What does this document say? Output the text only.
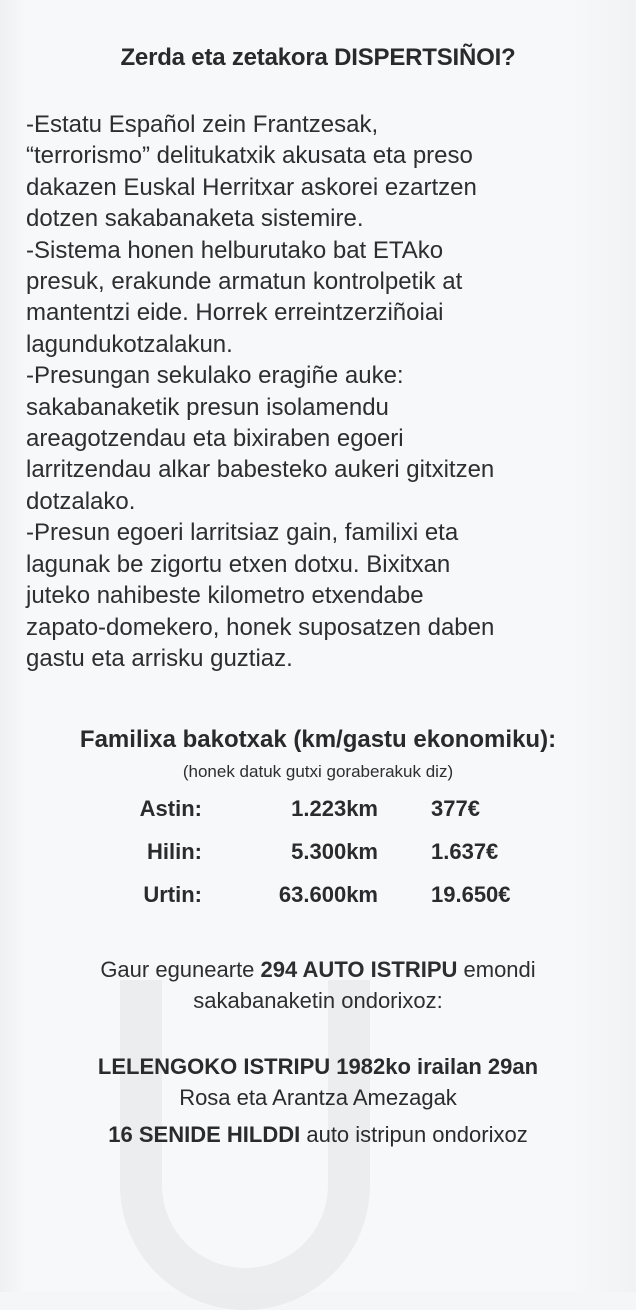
Zerda eta zetakora DISPERTSIÑOI?
-Estatu Español zein Frantzesak,
“terrorismo” delitukatxik akusata eta preso
dakazen Euskal Herritxar askorei ezartzen
dotzen sakabanaketa sistemire.
-Sistema honen helburutako bat ETAko
presuk, erakunde armatun kontrolpetik at
mantentzi eide. Horrek erreintzerziñoiai
lagundukotzalakun.
-Presungan sekulako eragiñe auke:
sakabanaketik presun isolamendu
areagotzendau eta bixiraben egoeri
larritzendau alkar babesteko aukeri gitxitzen
dotzalako.
-Presun egoeri larritsiaz gain, familixi eta
lagunak be zigortu etxen dotxu. Bixitxan
juteko nahibeste kilometro etxendabe
zapato-domekero, honek suposatzen daben
gastu eta arrisku guztiaz.
Familixa bakotxak (km/gastu ekonomiku):
(honek datuk gutxi goraberakuk diz)
Astin:	1.223km 377€
Hilin:	5.300km 1.637€
Urtin:	63.600km 19.650€
Gaur egunearte 294 AUTO ISTRIPU emondi
sakabanaketin ondorixoz:
LELENGOKO ISTRIPU 1982ko irailan 29an
Rosa eta Arantza Amezagak
16 SENIDE HILDDI auto istripun ondorixoz
